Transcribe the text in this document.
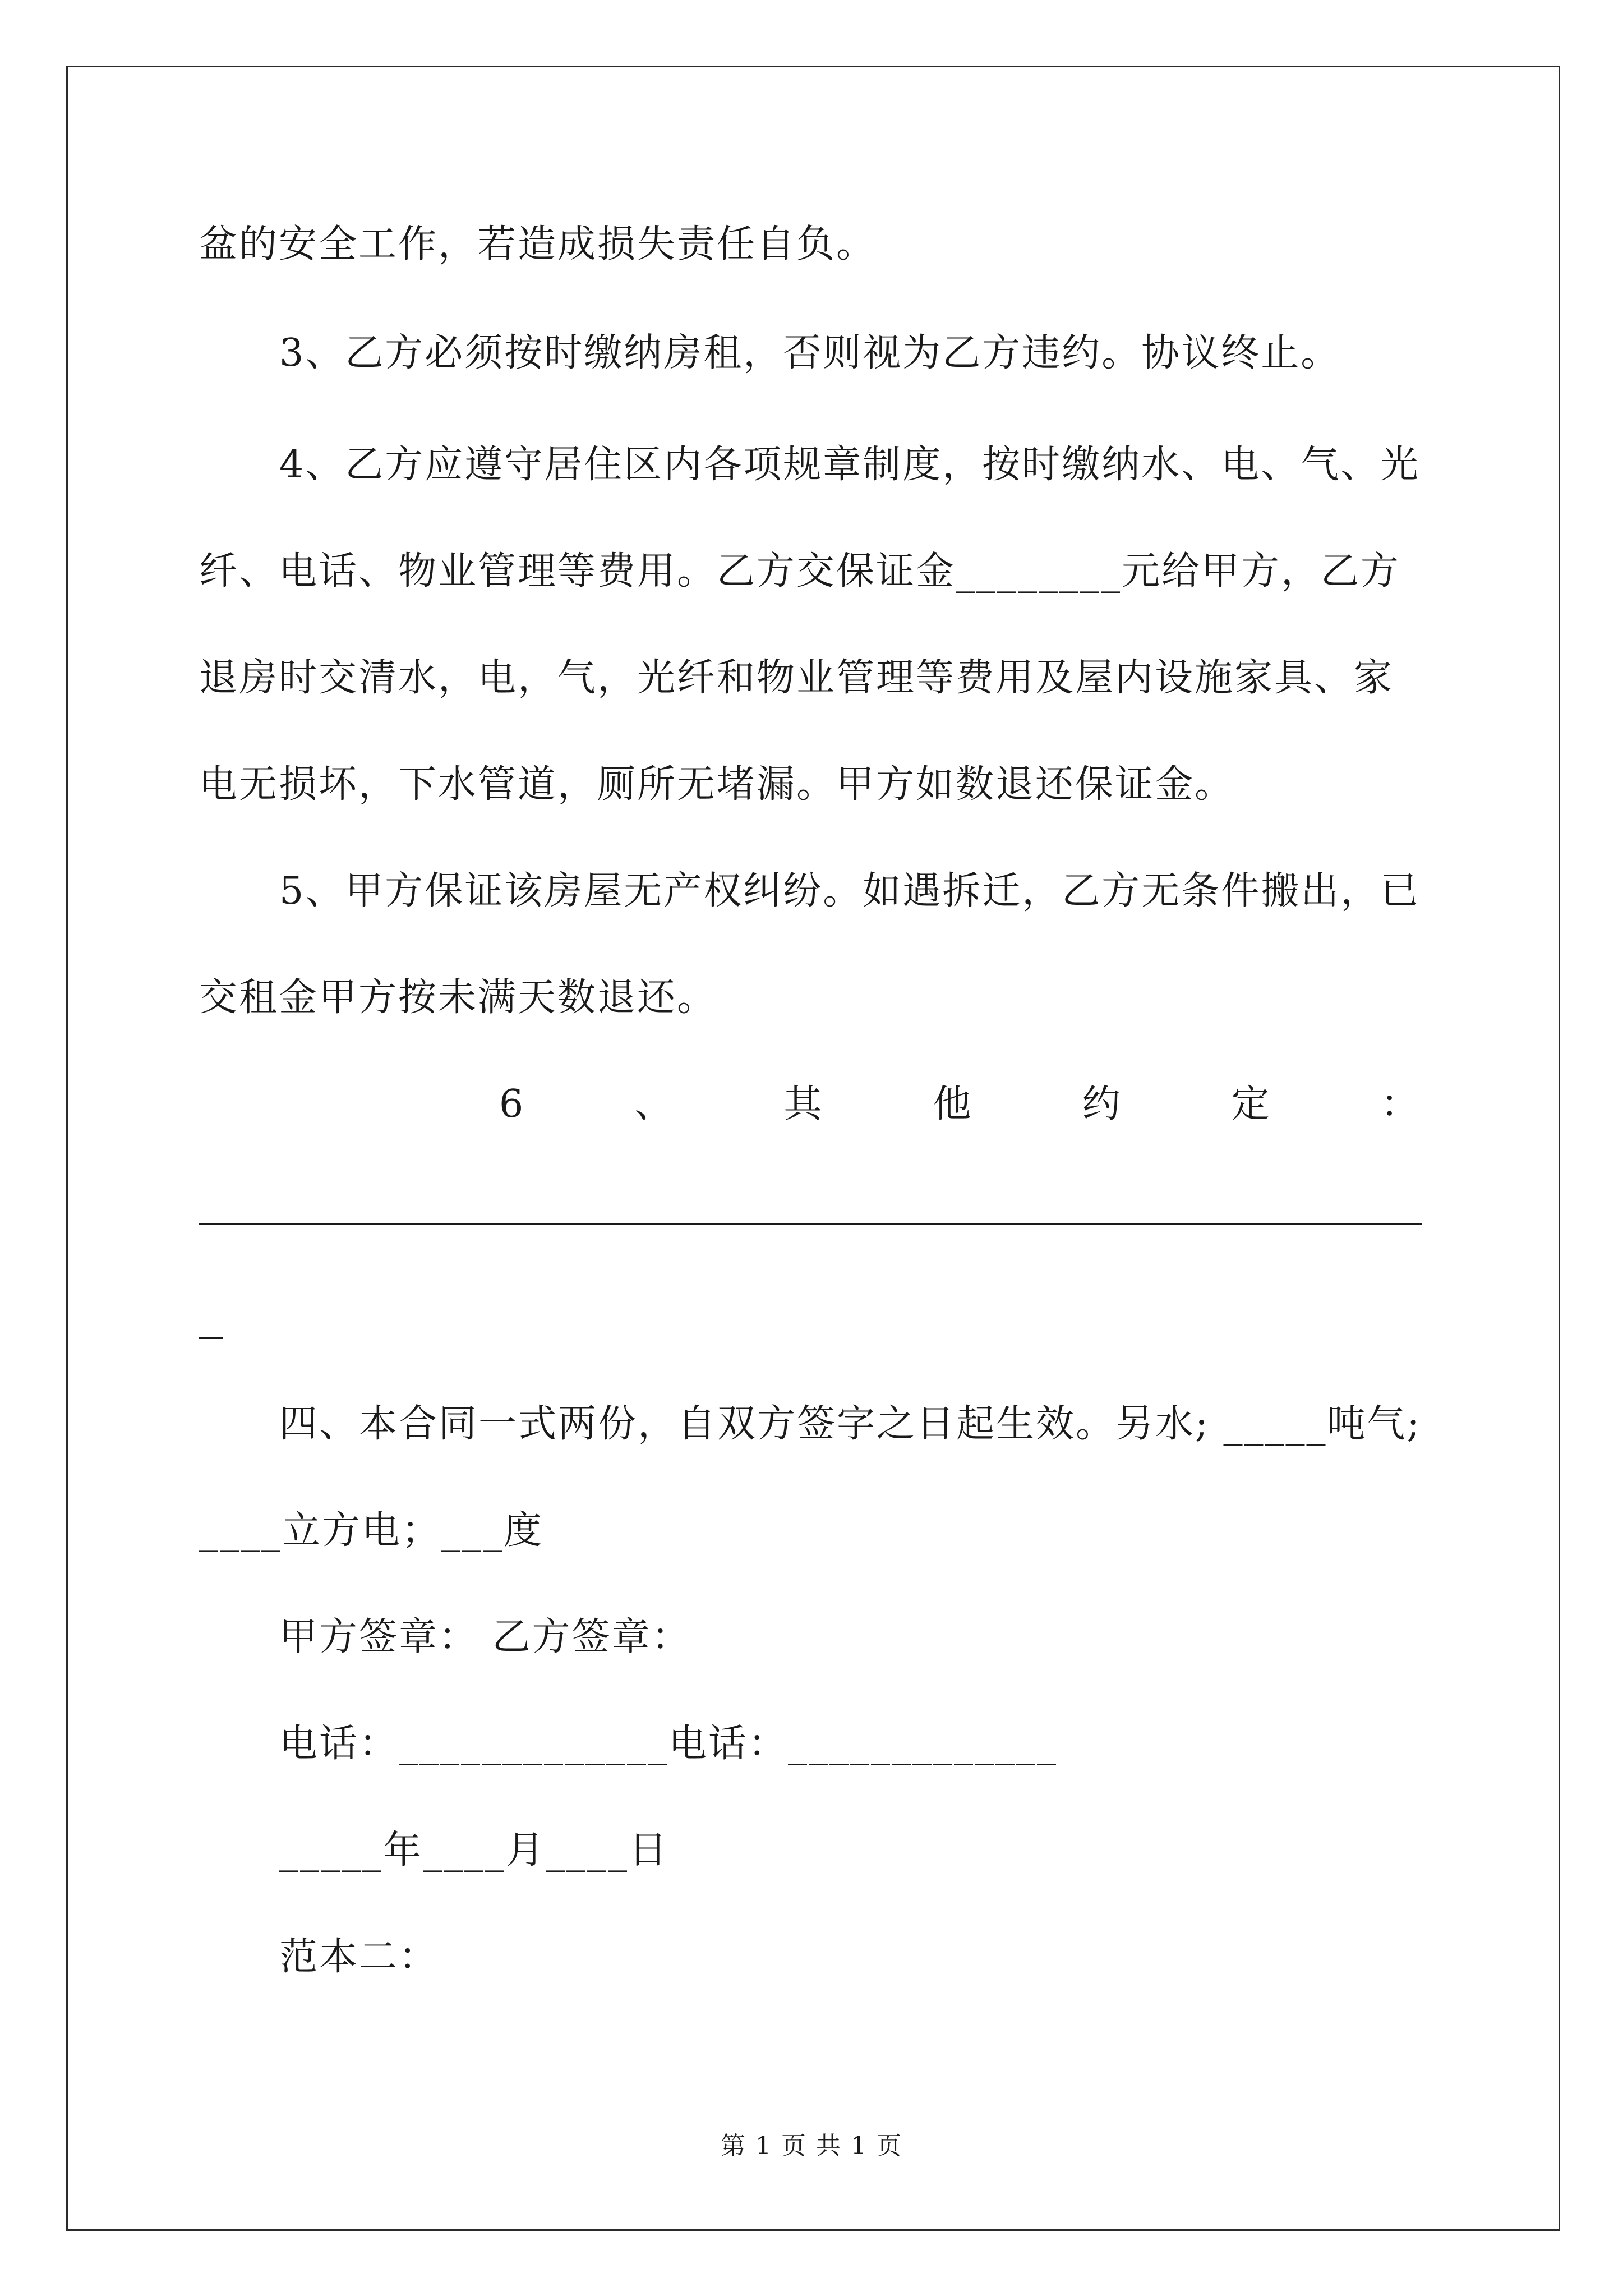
盆的安全工作，若造成损失责任自负。
3、乙方必须按时缴纳房租，否则视为乙方违约。协议终止。
4、乙方应遵守居住区内各项规章制度，按时缴纳水、电、气、光
纤、电话、物业管理等费用。乙方交保证金________元给甲方，乙方
退房时交清水，电，气，光纤和物业管理等费用及屋内设施家具、家
电无损坏，下水管道，厕所无堵漏。甲方如数退还保证金。
5、甲方保证该房屋无产权纠纷。如遇拆迁，乙方无条件搬出，已
交租金甲方按未满天数退还。
6	、	其	他	约	定	：
四、本合同一式两份，自双方签字之日起生效。另水; _____吨气;
____立方电；___度
甲方签章： 乙方签章：
电话：_____________电话：_____________
_____年____月____日
范本二：
第 1 页 共 1 页
